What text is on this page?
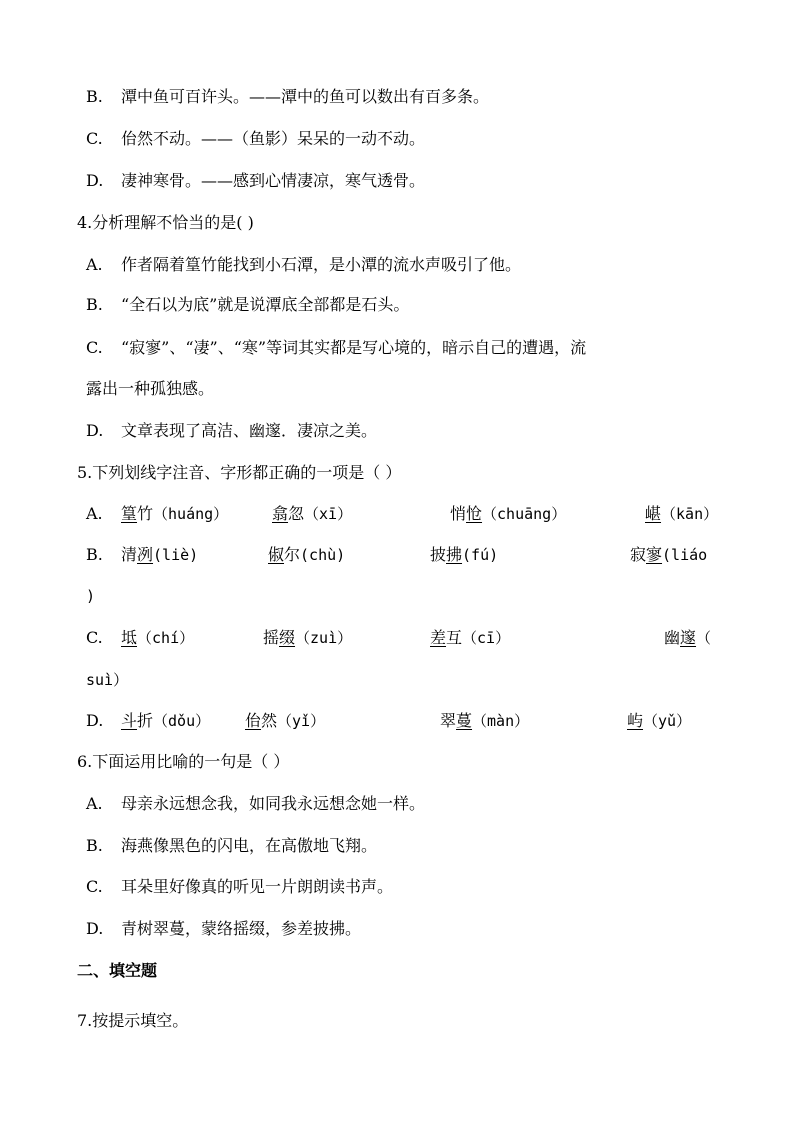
B. 潭中鱼可百许头。——潭中的鱼可以数出有百多条。
C. 佁然不动。——（鱼影）呆呆的一动不动。
D. 凄神寒骨。——感到心情凄凉，寒气透骨。
4.分析理解不恰当的是( )
A. 作者隔着篁竹能找到小石潭，是小潭的流水声吸引了他。
B. “全石以为底”就是说潭底全部都是石头。
C. “寂寥”、“凄”、“寒”等词其实都是写心境的，暗示自己的遭遇，流
露出一种孤独感。
D. 文章表现了高洁、幽邃．凄凉之美。
5.下列划线字注音、字形都正确的一项是（ ）
A. 篁竹（huáng）	翕忽（xī）	悄怆（chuāng）	嵁（kān）
B. 清冽(liè)	俶尔(chù)	披拂(fú)	寂寥(liáo
)
C. 坻（chí）	摇缀（zuì）	差互（cī）	幽邃（
suì）
D. 斗折（dǒu） 佁然（yǐ）	翠蔓（màn）	屿（yǔ）
6.下面运用比喻的一句是（ ）
A. 母亲永远想念我，如同我永远想念她一样。
B. 海燕像黑色的闪电，在高傲地飞翔。
C. 耳朵里好像真的听见一片朗朗读书声。
D. 青树翠蔓，蒙络摇缀，参差披拂。
二、填空题
7.按提示填空。
